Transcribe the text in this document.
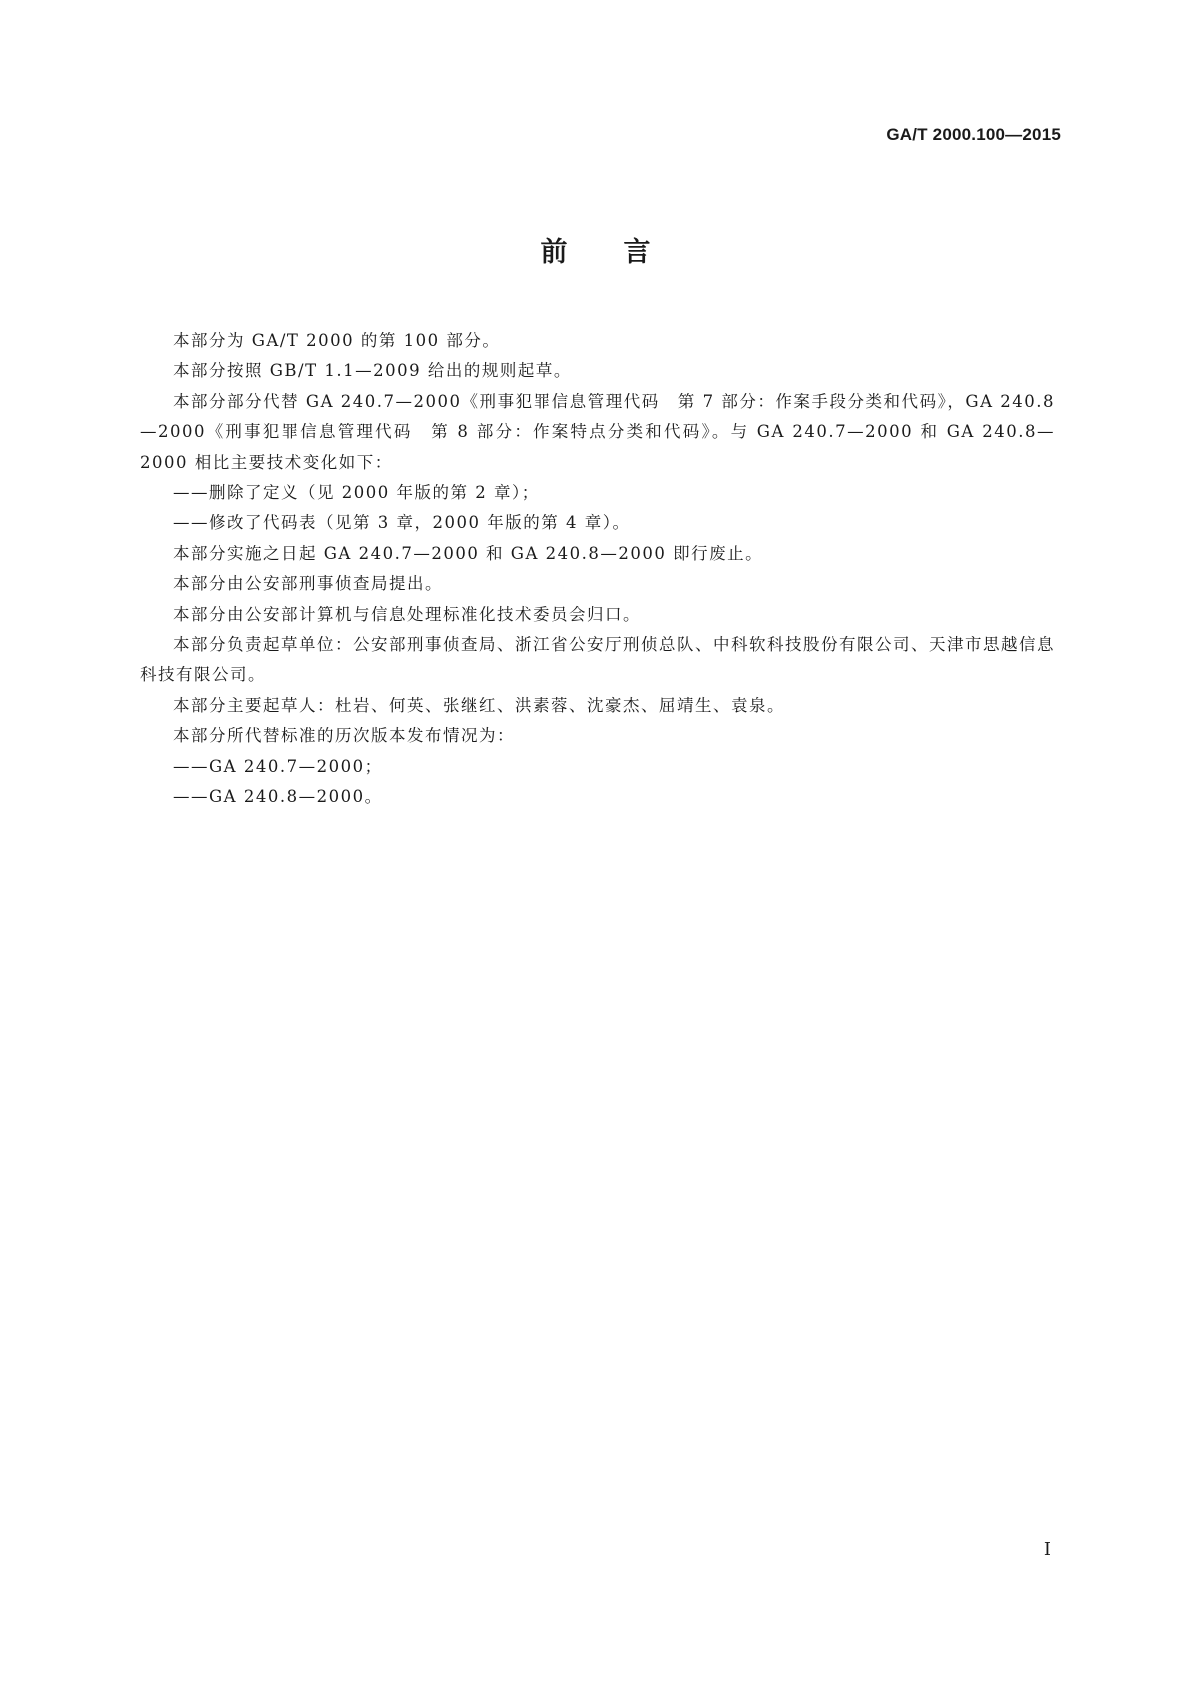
GA/T 2000.100—2015
前言

本部分为 GA/T 2000 的第 100 部分。

本部分按照 GB/T 1.1—2009 给出的规则起草。

本部分部分代替 GA 240.7—2000《刑事犯罪信息管理代码　第 7 部分：作案手段分类和代码》，GA 240.8—2000《刑事犯罪信息管理代码　第 8 部分：作案特点分类和代码》。与 GA 240.7—2000 和 GA 240.8—2000 相比主要技术变化如下：

——删除了定义（见 2000 年版的第 2 章）；

——修改了代码表（见第 3 章，2000 年版的第 4 章）。

本部分实施之日起 GA 240.7—2000 和 GA 240.8—2000 即行废止。

本部分由公安部刑事侦查局提出。

本部分由公安部计算机与信息处理标准化技术委员会归口。

本部分负责起草单位：公安部刑事侦查局、浙江省公安厅刑侦总队、中科软科技股份有限公司、天津市思越信息科技有限公司。

本部分主要起草人：杜岩、何英、张继红、洪素蓉、沈豪杰、屈靖生、袁泉。

本部分所代替标准的历次版本发布情况为：

——GA 240.7—2000；

——GA 240.8—2000。

I
